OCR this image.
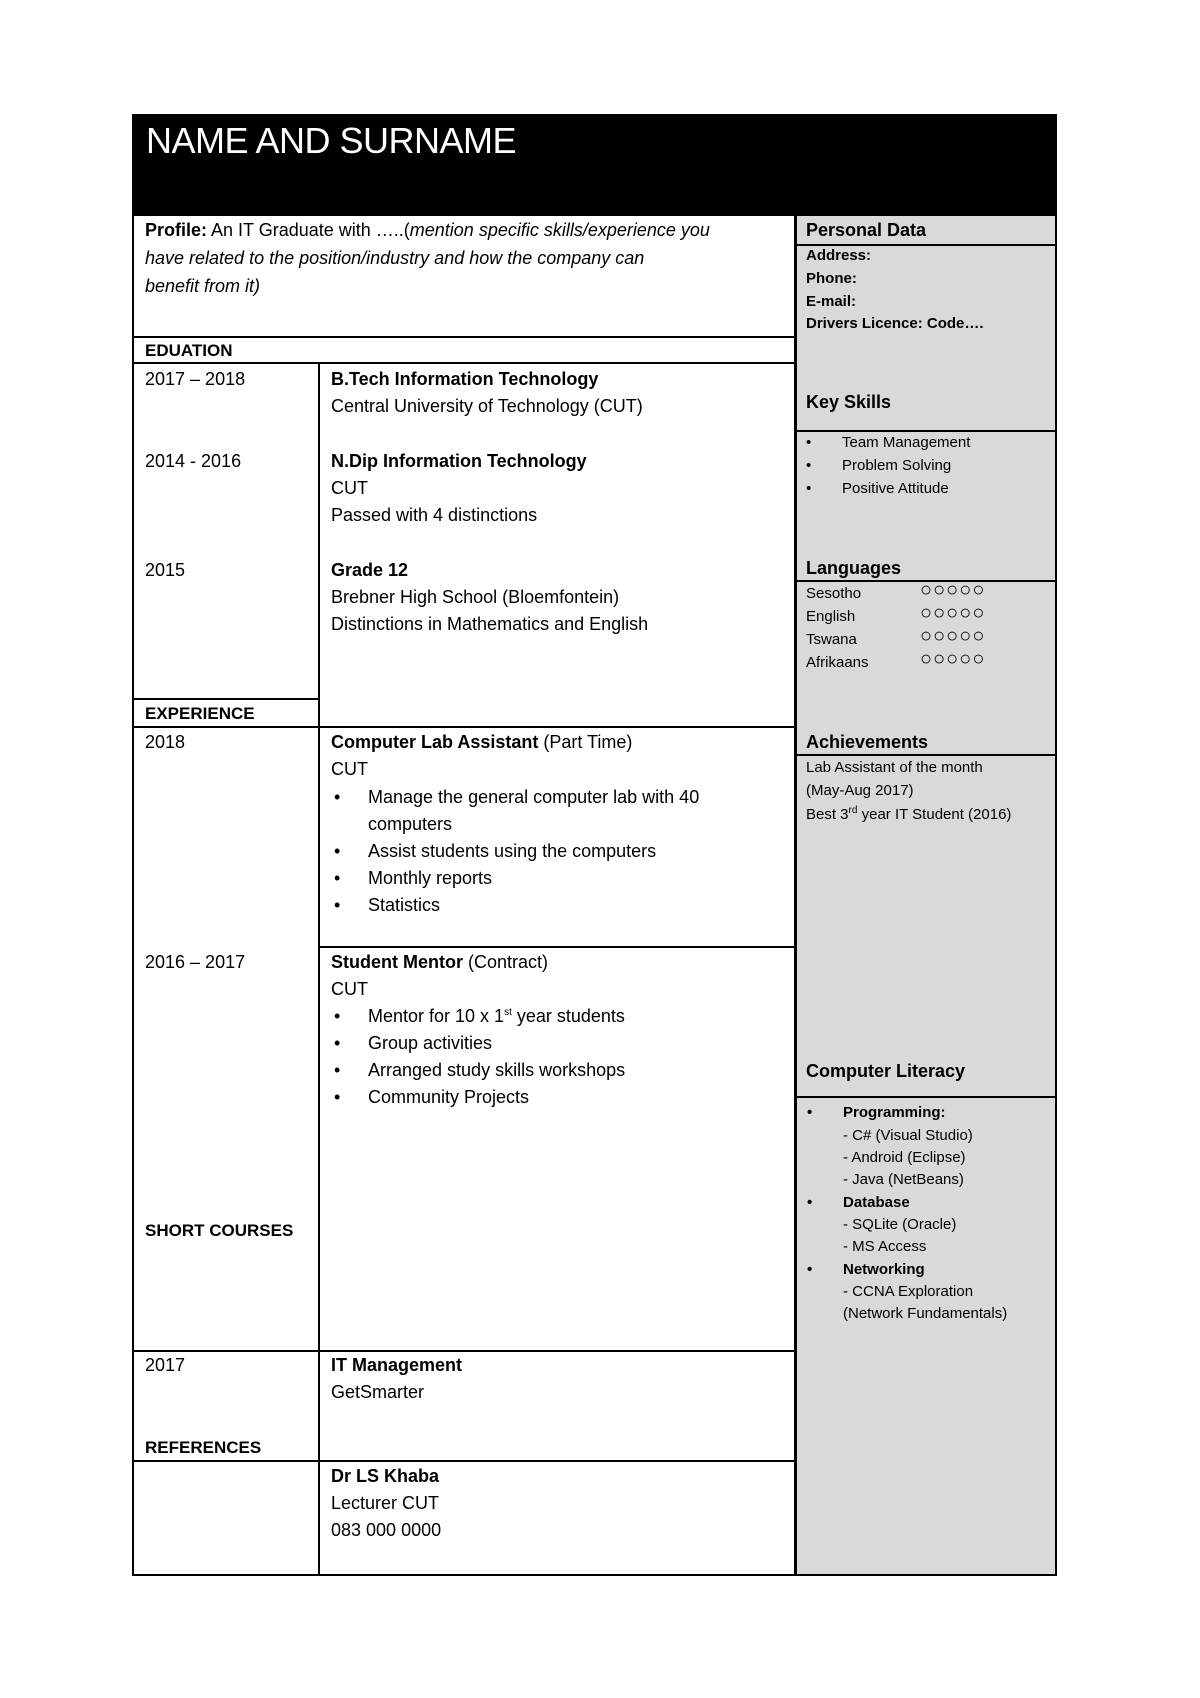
NAME AND SURNAME
Profile: An IT Graduate with …..(mention specific skills/experience you
have related to the position/industry and how the company can
benefit from it)
EDUATION
2017 – 2018	B.Tech Information Technology
Central University of Technology (CUT)
2014 - 2016	N.Dip Information Technology
CUT
Passed with 4 distinctions
2015	Grade 12
Brebner High School (Bloemfontein)
Distinctions in Mathematics and English
EXPERIENCE
2018	Computer Lab Assistant (Part Time)
CUT
• Manage the general computer lab with 40
computers
• Assist students using the computers
• Monthly reports
• Statistics
2016 – 2017	Student Mentor (Contract)
CUT
• Mentor for 10 x 1st year students
• Group activities
• Arranged study skills workshops
• Community Projects
SHORT COURSES
2017	IT Management
GetSmarter
REFERENCES
Dr LS Khaba
Lecturer CUT
083 000 0000
Personal Data
Address:
Phone:
E-mail:
Drivers Licence: Code….
Key Skills
• Team Management
• Problem Solving
• Positive Attitude
Languages
Sesotho	○○○○○
English	○○○○○
Tswana	○○○○○
Afrikaans	○○○○○
Achievements
Lab Assistant of the month
(May-Aug 2017)
Best 3rd year IT Student (2016)
Computer Literacy
• Programming:
- C# (Visual Studio)
- Android (Eclipse)
- Java (NetBeans)
• Database
- SQLite (Oracle)
- MS Access
• Networking
- CCNA Exploration
(Network Fundamentals)
